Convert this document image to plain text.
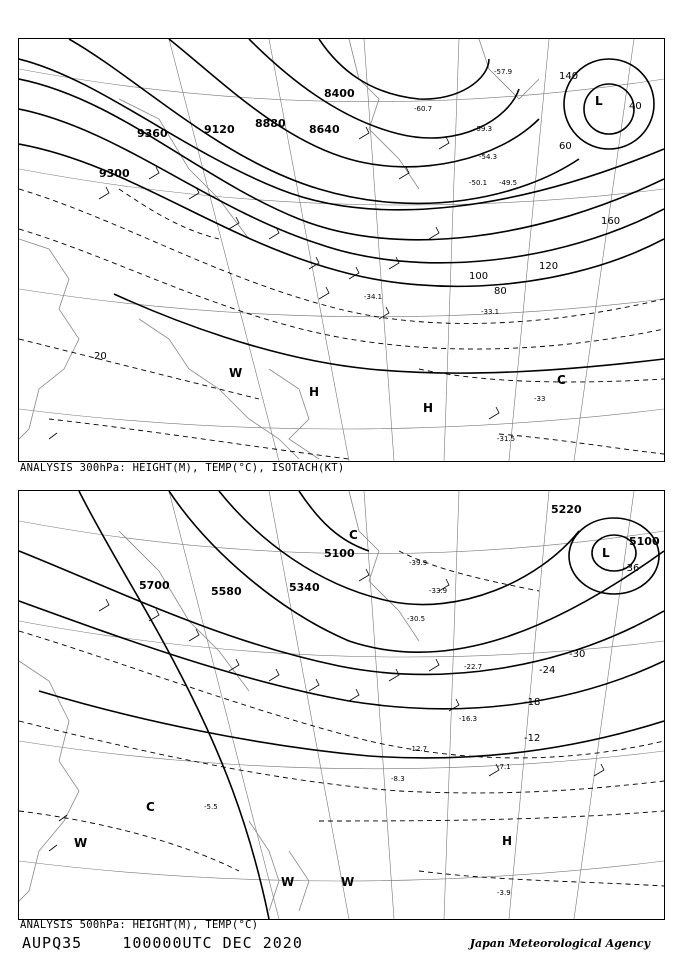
9300
9360	9120 8880 8640
8400
20
40
60
80
100
120
140
160
L
H
H
W	C
-31.5
-33
-33.1
-34.1
-57.9
-60.7
-59.3
-54.3
-50.1 -49.5
ANALYSIS 300hPa: HEIGHT(M), TEMP(°C), ISOTACH(KT)
5700	5580	5340
5100
5220
5100
-12
-18
-24
-30
-36
L
H
W
W
W
C
C
-39.9
-33.9
-30.5
-22.7
-16.3
-12.7
-8.3
-7.1
-5.5
-3.9
ANALYSIS 500hPa: HEIGHT(M), TEMP(°C)
AUPQ35	100000UTC DEC 2020	Japan Meteorological Agency
